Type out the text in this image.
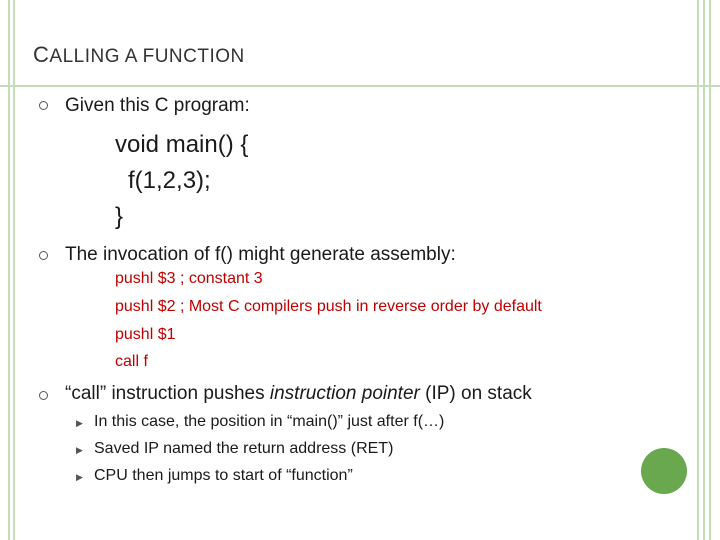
CALLING A FUNCTION
Given this C program:
void main() {
f(1,2,3);
}
The invocation of f() might generate assembly:
pushl $3 ; constant 3
pushl $2 ; Most C compilers push in reverse order by default
pushl $1
call f
“call” instruction pushes instruction pointer (IP) on stack
▶ In this case, the position in “main()” just after f(…)
▶ Saved IP named the return address (RET)
▶ CPU then jumps to start of “function”
